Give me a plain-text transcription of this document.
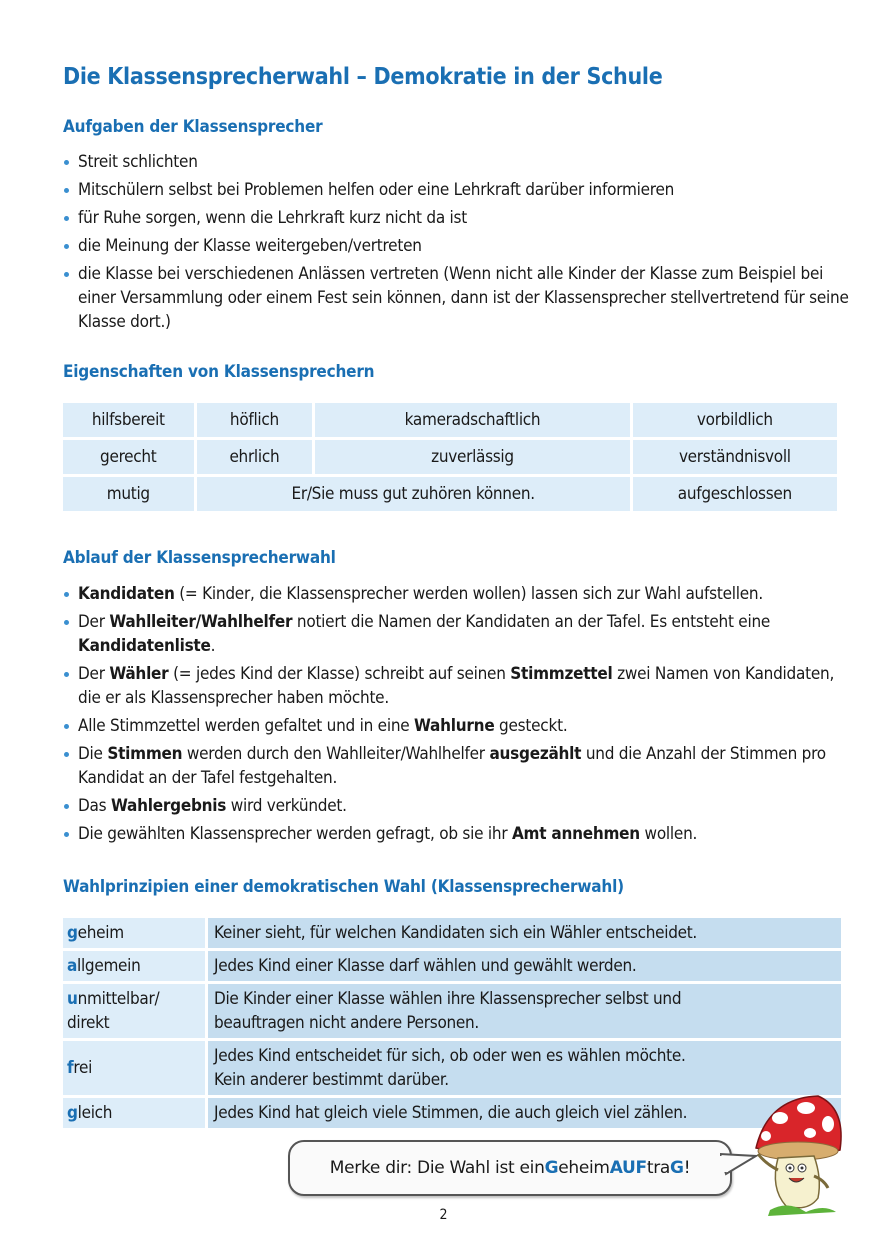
Die Klassensprecherwahl – Demokratie in der Schule
Aufgaben der Klassensprecher
Streit schlichten
Mitschülern selbst bei Problemen helfen oder eine Lehrkraft darüber informieren
für Ruhe sorgen, wenn die Lehrkraft kurz nicht da ist
die Meinung der Klasse weitergeben/vertreten
die Klasse bei verschiedenen Anlässen vertreten (Wenn nicht alle Kinder der Klasse zum Beispiel bei einer Versammlung oder einem Fest sein können, dann ist der Klassensprecher stellvertretend für seine Klasse dort.)
Eigenschaften von Klassensprechern
hilfsbereit	höflich	kameradschaftlich	vorbildlich
gerecht	ehrlich	zuverlässig	verständnisvoll
mutig	Er/Sie muss gut zuhören können.		aufgeschlossen
Ablauf der Klassensprecherwahl
Kandidaten (= Kinder, die Klassensprecher werden wollen) lassen sich zur Wahl aufstellen.
Der Wahlleiter/Wahlhelfer notiert die Namen der Kandidaten an der Tafel. Es entsteht eine Kandidatenliste.
Der Wähler (= jedes Kind der Klasse) schreibt auf seinen Stimmzettel zwei Namen von Kandidaten, die er als Klassensprecher haben möchte.
Alle Stimmzettel werden gefaltet und in eine Wahlurne gesteckt.
Die Stimmen werden durch den Wahlleiter/Wahlhelfer ausgezählt und die Anzahl der Stimmen pro Kandidat an der Tafel festgehalten.
Das Wahlergebnis wird verkündet.
Die gewählten Klassensprecher werden gefragt, ob sie ihr Amt annehmen wollen.
Wahlprinzipien einer demokratischen Wahl (Klassensprecherwahl)
geheim	Keiner sieht, für welchen Kandidaten sich ein Wähler entscheidet.
allgemein	Jedes Kind einer Klasse darf wählen und gewählt werden.
unmittelbar/ direkt	Die Kinder einer Klasse wählen ihre Klassensprecher selbst und
beauftragen nicht andere Personen.
frei	Jedes Kind entscheidet für sich, ob oder wen es wählen möchte.
Kein anderer bestimmt darüber.
gleich	Jedes Kind hat gleich viele Stimmen, die auch gleich viel zählen.
Merke dir: Die Wahl ist ein G eheim AUF tra G !
2
